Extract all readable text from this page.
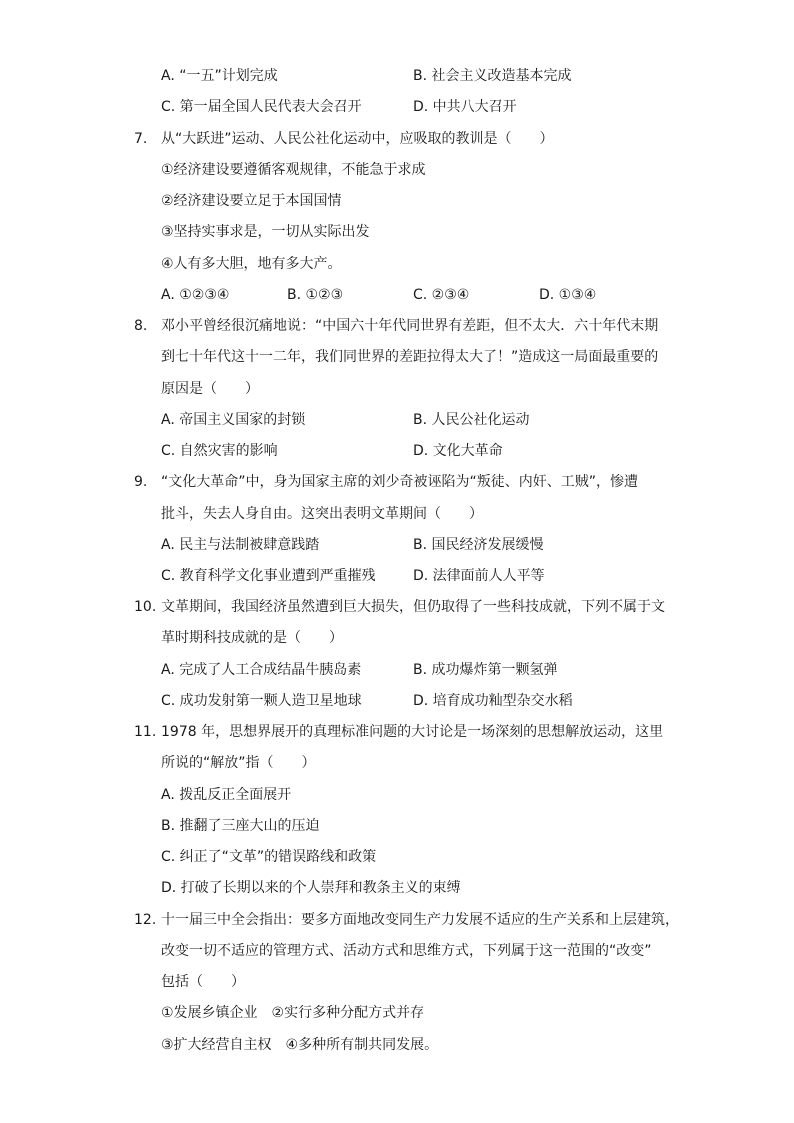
A. “一五”计划完成	B. 社会主义改造基本完成
C. 第一届全国人民代表大会召开	D. 中共八大召开
7. 从“大跃进”运动、人民公社化运动中，应吸取的教训是（　　）
①经济建设要遵循客观规律，不能急于求成
②经济建设要立足于本国国情
③坚持实事求是，一切从实际出发
④人有多大胆，地有多大产。
A. ①②③④	B. ①②③	C. ②③④	D. ①③④
8. 邓小平曾经很沉痛地说：“中国六十年代同世界有差距，但不太大．六十年代末期
到七十年代这十一二年，我们同世界的差距拉得太大了！”造成这一局面最重要的
原因是（　　）
A. 帝国主义国家的封锁	B. 人民公社化运动
C. 自然灾害的影响	D. 文化大革命
9. “文化大革命”中，身为国家主席的刘少奇被诬陷为“叛徒、内奸、工贼”，惨遭
批斗，失去人身自由。这突出表明文革期间（　　）
A. 民主与法制被肆意践踏	B. 国民经济发展缓慢
C. 教育科学文化事业遭到严重摧残	D. 法律面前人人平等
10. 文革期间，我国经济虽然遭到巨大损失，但仍取得了一些科技成就，下列不属于文
革时期科技成就的是（　　）
A. 完成了人工合成结晶牛胰岛素	B. 成功爆炸第一颗氢弹
C. 成功发射第一颗人造卫星地球	D. 培育成功籼型杂交水稻
11. 1978 年，思想界展开的真理标准问题的大讨论是一场深刻的思想解放运动，这里
所说的“解放”指（　　）
A. 拨乱反正全面展开
B. 推翻了三座大山的压迫
C. 纠正了“文革”的错误路线和政策
D. 打破了长期以来的个人崇拜和教条主义的束缚
12. 十一届三中全会指出：要多方面地改变同生产力发展不适应的生产关系和上层建筑，
改变一切不适应的管理方式、活动方式和思维方式，下列属于这一范围的“改变”
包括（　　）
①发展乡镇企业　②实行多种分配方式并存
③扩大经营自主权　④多种所有制共同发展。
